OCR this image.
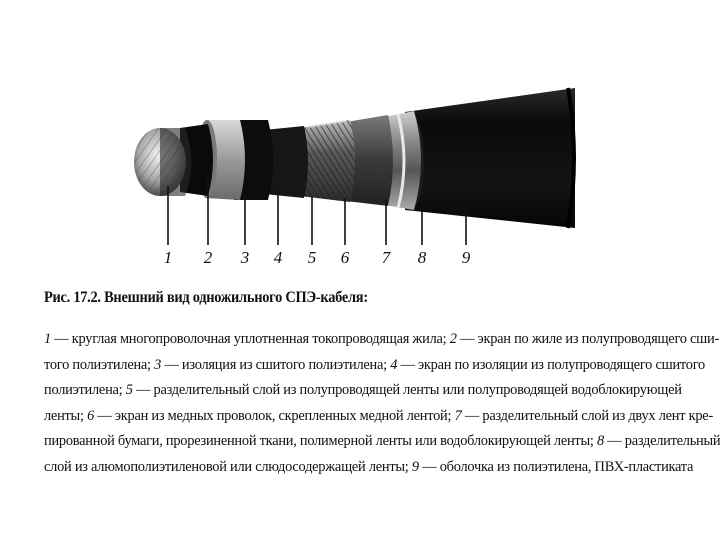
1 2 3 4 5 6 7 8 9
Рис. 17.2. Внешний вид одножильного СПЭ-кабеля:
1 — круглая многопроволочная уплотненная токопроводящая жила; 2 — экран по жиле из полупроводящего сши-
того полиэтилена; 3 — изоляция из сшитого полиэтилена; 4 — экран по изоляции из полупроводящего сшитого
полиэтилена; 5 — разделительный слой из полупроводящей ленты или полупроводящей водоблокирующей
ленты; 6 — экран из медных проволок, скрепленных медной лентой; 7 — разделительный слой из двух лент кре-
пированной бумаги, прорезиненной ткани, полимерной ленты или водоблокирующей ленты; 8 — разделительный
слой из алюмополиэтиленовой или слюдосодержащей ленты; 9 — оболочка из полиэтилена, ПВХ-пластиката
